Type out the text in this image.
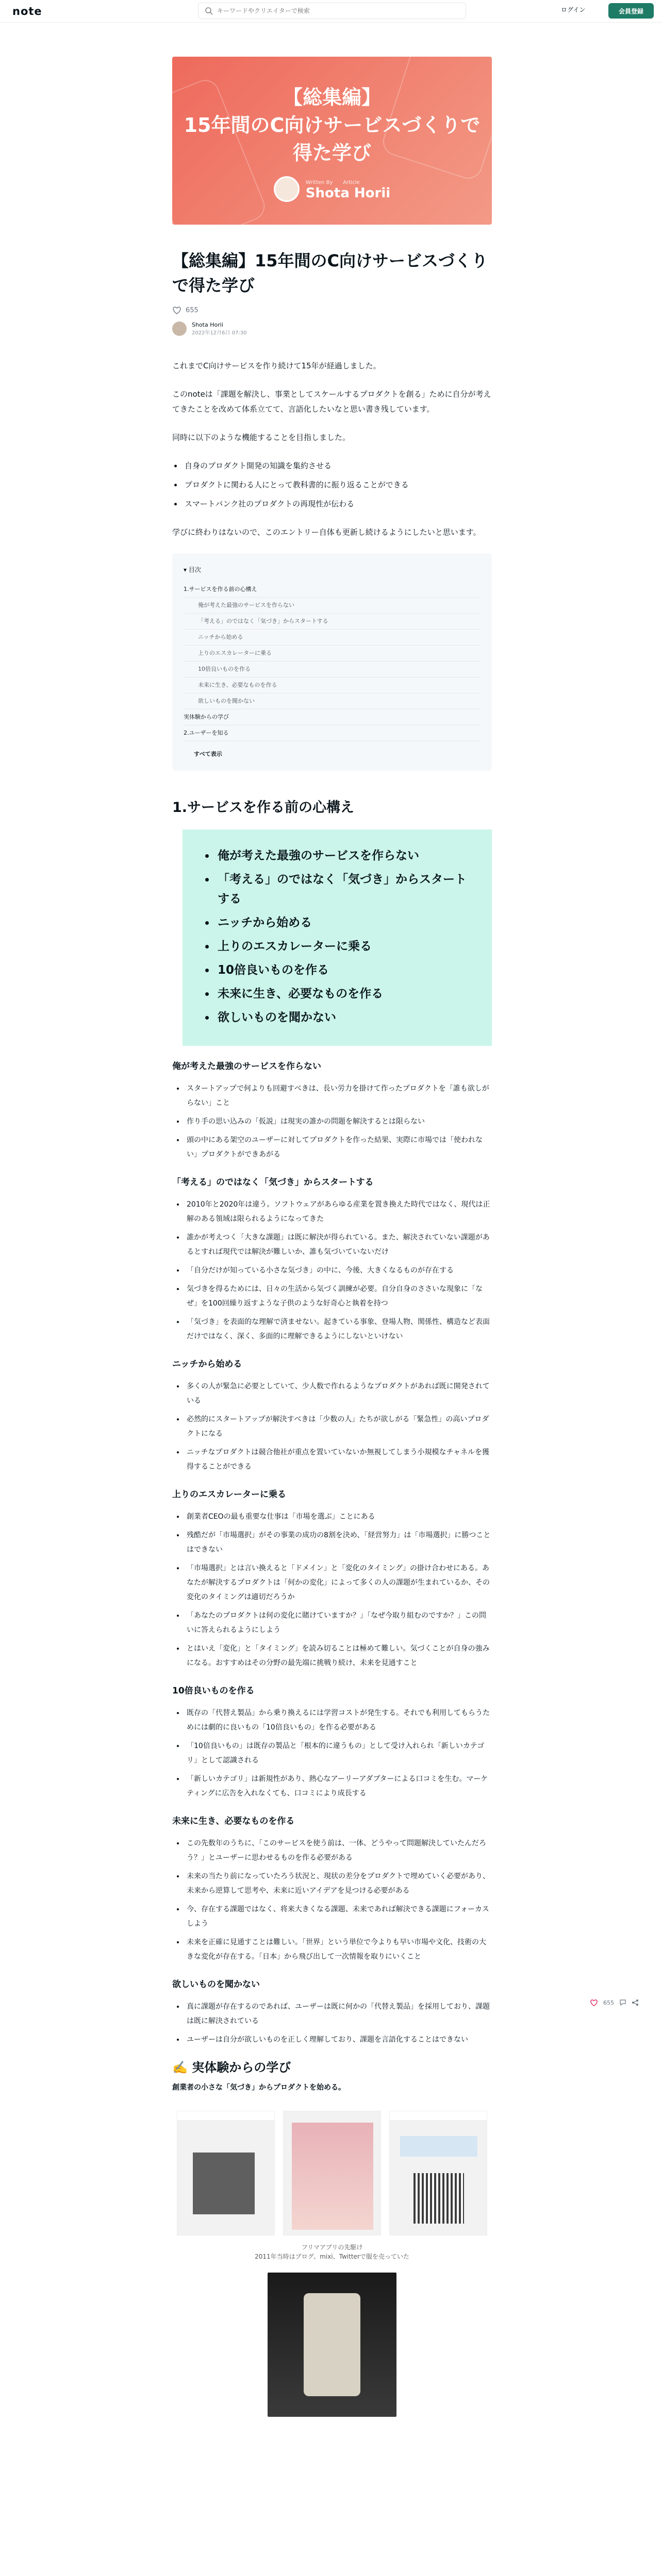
note
キーワードやクリエイターで検索	ログイン	会員登録
【総集編】
15年間のC向けサービスづくりで
得た学び
Written By　　Article
Shota Horii
【総集編】15年間のC向けサービスづくりで得た学び
655
Shota Horii
2022年12月6日 07:30

これまでC向けサービスを作り続けて15年が経過しました。

このnoteは「課題を解決し、事業としてスケールするプロダクトを創る」ために自分が考えてきたことを改めて体系立てて、言語化したいなと思い書き残しています。

同時に以下のような機能することを目指しました。

• 自身のプロダクト開発の知識を集約させる
• プロダクトに関わる人にとって教科書的に振り返ることができる
• スマートバンク社のプロダクトの再現性が伝わる

学びに終わりはないので、このエントリー自体も更新し続けるようにしたいと思います。

▾ 目次
1.サービスを作る前の心構え
俺が考えた最強のサービスを作らない
「考える」のではなく「気づき」からスタートする
ニッチから始める
上りのエスカレーターに乗る
10倍良いものを作る
未来に生き、必要なものを作る
欲しいものを聞かない
実体験からの学び
2.ユーザーを知る
すべて表示
1.サービスを作る前の心構え
• 俺が考えた最強のサービスを作らない
• 「考える」のではなく「気づき」からスタートする
• ニッチから始める
• 上りのエスカレーターに乗る
• 10倍良いものを作る
• 未来に生き、必要なものを作る
• 欲しいものを聞かない
俺が考えた最強のサービスを作らない
• スタートアップで何よりも回避すべきは、長い労力を掛けて作ったプロダクトを「誰も欲しがらない」こと
• 作り手の思い込みの「仮説」は現実の誰かの問題を解決するとは限らない
• 頭の中にある架空のユーザーに対してプロダクトを作った結果、実際に市場では「使われない」プロダクトができあがる
「考える」のではなく「気づき」からスタートする
• 2010年と2020年は違う。ソフトウェアがあらゆる産業を置き換えた時代ではなく、現代は正解のある領域は限られるようになってきた
• 誰かが考えつく「大きな課題」は既に解決が得られている。また、解決されていない課題があるとすれば現代では解決が難しいか、誰も気づいていないだけ
• 「自分だけが知っている小さな気づき」の中に、今後、大きくなるものが存在する
• 気づきを得るためには、日々の生活から気づく訓練が必要。自分自身のささいな現象に「なぜ」を100回繰り返すような子供のような好奇心と執着を持つ
• 「気づき」を表面的な理解で済ませない。起きている事象、登場人物、関係性、構造など表面だけではなく、深く、多面的に理解できるようにしないといけない
ニッチから始める
• 多くの人が緊急に必要としていて、少人数で作れるようなプロダクトがあれば既に開発されている
• 必然的にスタートアップが解決すべきは「少数の人」たちが欲しがる「緊急性」の高いプロダクトになる
• ニッチなプロダクトは競合他社が重点を置いていないか無視してしまう小規模なチャネルを獲得することができる
上りのエスカレーターに乗る
• 創業者CEOの最も重要な仕事は「市場を選ぶ」ことにある
• 残酷だが「市場選択」がその事業の成功の8割を決め、「経営努力」は「市場選択」に勝つことはできない
• 「市場選択」とは言い換えると「ドメイン」と「変化のタイミング」の掛け合わせにある。あなたが解決するプロダクトは「何かの変化」によって多くの人の課題が生まれているか、その変化のタイミングは適切だろうか
• 「あなたのプロダクトは何の変化に賭けていますか？」「なぜ今取り組むのですか？」この問いに答えられるようにしよう
• とはいえ「変化」と「タイミング」を読み切ることは極めて難しい。気づくことが自身の強みになる。おすすめはその分野の最先端に挑戦り続け、未来を見通すこと
10倍良いものを作る
• 既存の「代替え製品」から乗り換えるには学習コストが発生する。それでも利用してもらうためには劇的に良いもの「10倍良いもの」を作る必要がある
• 「10倍良いもの」は既存の製品と「根本的に違うもの」として受け入れられ「新しいカテゴリ」として認識される
• 「新しいカテゴリ」は新規性があり、熱心なアーリーアダプターによる口コミを生む。マーケティングに広告を入れなくても、口コミにより成長する
未来に生き、必要なものを作る
• この先数年のうちに、「このサービスを使う前は、一体、どうやって問題解決していたんだろう？」とユーザーに思わせるものを作る必要がある
• 未来の当たり前になっていたろう状況と、現状の差分をプロダクトで埋めていく必要があり、未来から逆算して思考や、未来に近いアイデアを見つける必要がある
• 今、存在する課題ではなく、将来大きくなる課題、未来であれば解決できる課題にフォーカスしよう
• 未来を正確に見通すことは難しい。「世界」という単位で今よりも早い市場や文化、技術の大きな変化が存在する。「日本」から飛び出して一次情報を取りにいくこと
欲しいものを聞かない
• 真に課題が存在するのであれば、ユーザーは既に何かの「代替え製品」を採用しており、課題は既に解決されている
• ユーザーは自分が欲しいものを正しく理解しており、課題を言語化することはできない
✍️ 実体験からの学び
創業者の小さな「気づき」からプロダクトを始める。
フリマアプリの先駆け
2011年当時はブログ、mixi、Twitterで服を売っていた
655
